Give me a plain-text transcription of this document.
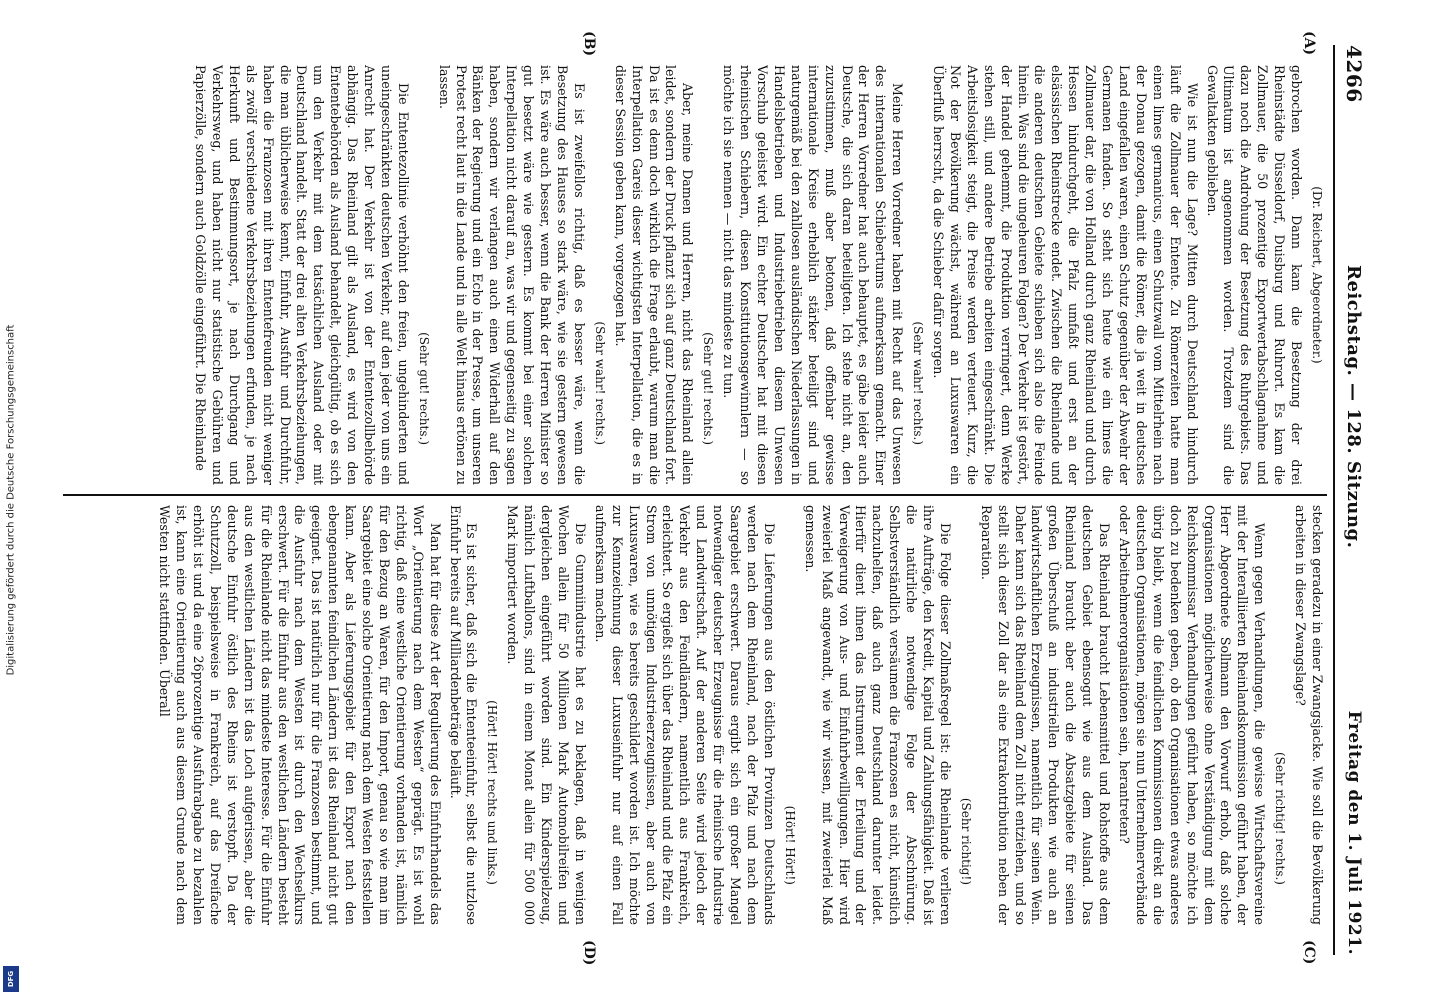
4266
Reichstag. — 128. Sitzung.
Freitag den 1. Juli 1921.
(A)
(B)
(C)
(D)
(Dr. Reichert, Abgeordneter.)

gebrochen worden. Dann kam die Besetzung der drei Rheinstädte Düsseldorf, Duisburg und Ruhrort. Es kam die Zollmauer, die 50 prozentige Exportwertabschlagnahme und dazu noch die Androhung der Besetzung des Ruhrgebiets. Das Ultimatum ist angenommen worden. Trotzdem sind die Gewaltakten geblieben.

Wie ist nun die Lage? Mitten durch Deutschland hindurch läuft die Zollmauer der Entente. Zu Römerzeiten hatte man einen limes germanicus, einen Schutzwall vom Mittelrhein nach der Donau gezogen, damit die Römer, die ja weit in deutsches Land eingefallen waren, einen Schutz gegenüber der Abwehr der Germanen fanden. So steht sich heute wie ein limes die Zollmauer dar, die von Holland durch ganz Rheinland und durch Hessen hindurchgeht, die Pfalz umfaßt und erst an der elsässischen Rheinstrecke endet. Zwischen die Rheinlande und die anderen deutschen Gebiete schieben sich also die Feinde hinein. Was sind die ungeheuren Folgen? Der Verkehr ist gestört, der Handel gehemmt, die Produktion verringert, denn Werke stehen still, und andere Betriebe arbeiten eingeschränkt. Die Arbeitslosigkeit steigt, die Preise werden verteuert. Kurz, die Not der Bevölkerung wächst, während an Luxuswaren ein Überfluß herrscht, da die Schieber dafür sorgen.

(Sehr wahr! rechts.)

Meine Herren Vorredner haben mit Recht auf das Unwesen des internationalen Schiebertums aufmerksam gemacht. Einer der Herren Vorredner hat auch behauptet, es gäbe leider auch Deutsche, die sich daran beteiligten. Ich stehe nicht an, den zuzustimmen, muß aber betonen, daß offenbar gewisse internationale Kreise erheblich stärker beteiligt sind und naturgemäß bei den zahllosen ausländischen Niederlassungen in Handelsbetrieben und Industriebetrieben diesem Unwesen Vorschub geleistet wird. Ein echter Deutscher hat mit diesen rheinischen Schiebern, diesen Konstitutionsgewinnlern — so möchte ich sie nennen — nicht das mindeste zu tun.

(Sehr gut! rechts.)

Aber, meine Damen und Herren, nicht das Rheinland allein leidet, sondern der Druck pflanzt sich auf ganz Deutschland fort. Da ist es denn doch wirklich die Frage erlaubt, warum man die Interpellation Gareis dieser wichtigsten Interpellation, die es in dieser Session geben kann, vorgezogen hat.

(Sehr wahr! rechts.)

Es ist zweifellos richtig, daß es besser wäre, wenn die Besetzung des Hauses so stark wäre, wie sie gestern gewesen ist. Es wäre auch besser, wenn die Bank der Herren Minister so gut besetzt wäre wie gestern. Es kommt bei einer solchen Interpellation nicht darauf an, was wir und gegenseitig zu sagen haben, sondern wir verlangen auch einen Widerhall auf den Bänken der Regierung und ein Echo in der Presse, um unseren Protest recht laut in die Lande und in alle Welt hinaus ertönen zu lassen.

(Sehr gut! rechts.)

Die Ententezollinie verhöhnt den freien, ungehinderten und uneingeschränkten deutschen Verkehr, auf den jeder von uns ein Anrecht hat. Der Verkehr ist von der Ententezollbehörde abhängig. Das Rheinland gilt als Ausland, es wird von den Ententebehörden als Ausland behandelt, gleichgültig, ob es sich um den Verkehr mit dem tatsächlichen Ausland oder mit Deutschland handelt. Statt der drei alten Verkehrsbeziehungen, die man üblicherweise kennt, Einfuhr, Ausfuhr und Durchfuhr, haben die Franzosen mit ihren Ententefreunden nicht weniger als zwölf verschiedene Verkehrsbeziehungen erfunden, je nach Herkunft und Bestimmungsort, je nach Durchgang und Verkehrsweg, und haben nicht nur statistische Gebühren und Papierzölle, sondern auch Goldzölle eingeführt. Die Rheinlande

stecken geradezu in einer Zwangsjacke. Wie soll die Bevölkerung arbeiten in dieser Zwangslage?

(Sehr richtig! rechts.)

Wenn gegen Verhandlungen, die gewisse Wirtschaftsvereine mit der Interalliierten Rheinlandskommission geführt haben, der Herr Abgeordnete Sollmann den Vorwurf erhob, daß solche Organisationen möglicherweise ohne Verständigung mit dem Reichskommissar Verhandlungen geführt haben, so möchte ich doch zu bedenken geben, ob den Organisationen etwas anderes übrig bleibt, wenn die feindlichen Kommissionen direkt an die deutschen Organisationen, mögen sie nun Unternehmerverbände oder Arbeitnehmerorganisationen sein, herantreten?

Das Rheinland braucht Lebensmittel und Rohstoffe aus dem deutschen Gebiet ebensogut wie aus dem Ausland. Das Rheinland braucht aber auch die Absatzgebiete für seinen großen Überschuß an industriellen Produkten wie auch an landwirtschaftlichen Erzeugnissen, namentlich für seinen Wein. Daher kann sich das Rheinland dem Zoll nicht entziehen, und so stellt sich dieser Zoll dar als eine Extrakontribution neben der Reparation.

(Sehr richtig!)

Die Folge dieser Zollmaßregel ist: die Rheinlande verlieren ihre Aufträge, den Kredit, Kapital und Zahlungsfähigkeit. Daß ist die natürliche notwendige Folge der Abschnürung. Selbstverständlich versäumen die Franzosen es nicht, künstlich nachzuhelfen, daß auch ganz Deutschland darunter leidet. Hierfür dient ihnen das Instrument der Erteilung und der Verweigerung von Aus- und Einfuhrbewilligungen. Hier wird zweierlei Maß angewandt, wie wir wissen, mit zweierlei Maß gemessen.

(Hört! Hört!)

Die Lieferungen aus den östlichen Provinzen Deutschlands werden nach dem Rheinland, nach der Pfalz und nach dem Saargebiet erschwert. Daraus ergibt sich ein großer Mangel notwendiger deutscher Erzeugnisse für die rheinische Industrie und Landwirtschaft. Auf der anderen Seite wird jedoch der Verkehr aus den Feindländern, namentlich aus Frankreich, erleichtert. So ergießt sich über das Rheinland und die Pfalz ein Strom von unnötigen Industrieerzeugnissen, aber auch von Luxuswaren, wie es bereits geschildert worden ist. Ich möchte zur Kennzeichnung dieser Luxuseinfuhr nur auf einen Fall aufmerksam machen.

Die Gummiindustrie hat es zu beklagen, daß in wenigen Wochen allein für 50 Millionen Mark Automobilreifen und dergleichen eingeführt worden sind. Ein Kinderspielzeug, nämlich Luftballons, sind in einem Monat allein für 500 000 Mark importiert worden.

(Hört! Hört! rechts und links.)

Es ist sicher, daß sich die Ententeeinfuhr, selbst die nutzlose Einfuhr bereits auf Milliardenbeträge beläuft.

Man hat für diese Art der Regulierung des Einfuhrhandels das Wort „Orientierung nach dem Westen“ geprägt. Es ist wohl richtig, daß eine westliche Orientierung vorhanden ist, nämlich für den Bezug an Waren, für den Import, genau so wie man im Saargebiet eine solche Orientierung nach dem Westen feststellen kann. Aber als Lieferungsgebiet für den Export nach den ebengenannten feindlichen Ländern ist das Rheinland nicht gut geeignet. Das ist natürlich nur für die Franzosen bestimmt, und die Ausfuhr nach dem Westen ist durch den Wechselkurs erschwert. Für die Einfuhr aus den westlichen Ländern besteht für die Rheinlande nicht das mindeste Interesse. Für die Einfuhr aus den westlichen Ländern ist das Loch aufgerissen, aber die deutsche Einfuhr östlich des Rheins ist verstopft. Da der Schutzzoll, beispielsweise in Frankreich, auf das Dreifache erhöht ist und da eine 26prozentige Ausfuhrabgabe zu bezahlen ist, kann eine Orientierung auch aus diesem Grunde nach dem Westen nicht stattfinden. Überall

Digitalisierung gefördert durch die Deutsche Forschungsgemeinschaft
DFG
